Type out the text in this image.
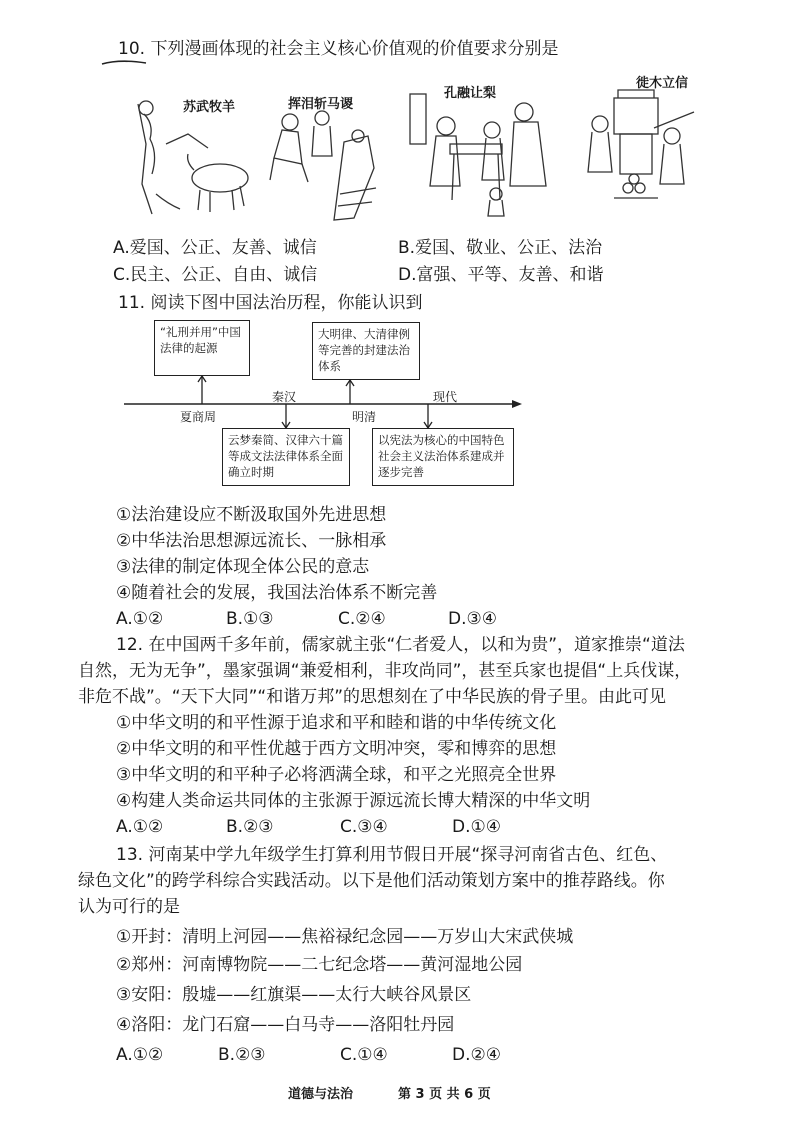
10. 下列漫画体现的社会主义核心价值观的价值要求分别是
苏武牧羊	挥泪斩马谡
孔融让梨
徙木立信
A.爱国、公正、友善、诚信	B.爱国、敬业、公正、法治
C.民主、公正、自由、诚信	D.富强、平等、友善、和谐
11. 阅读下图中国法治历程，你能认识到
“礼刑并用”中国法律的起源
大明律、大清律例等完善的封建法治体系
云梦秦简、汉律六十篇等成文法法律体系全面确立时期
以宪法为核心的中国特色社会主义法治体系建成并逐步完善
夏商周
秦汉
明清
现代
①法治建设应不断汲取国外先进思想
②中华法治思想源远流长、一脉相承
③法律的制定体现全体公民的意志
④随着社会的发展，我国法治体系不断完善
A.①②	B.①③	C.②④	D.③④
12. 在中国两千多年前，儒家就主张“仁者爱人，以和为贵”，道家推崇“道法
自然，无为无争”，墨家强调“兼爱相利，非攻尚同”，甚至兵家也提倡“上兵伐谋，
非危不战”。“天下大同”“和谐万邦”的思想刻在了中华民族的骨子里。由此可见
①中华文明的和平性源于追求和平和睦和谐的中华传统文化
②中华文明的和平性优越于西方文明冲突，零和博弈的思想
③中华文明的和平种子必将洒满全球，和平之光照亮全世界
④构建人类命运共同体的主张源于源远流长博大精深的中华文明
A.①②	B.②③	C.③④	D.①④
13. 河南某中学九年级学生打算利用节假日开展“探寻河南省古色、红色、
绿色文化”的跨学科综合实践活动。以下是他们活动策划方案中的推荐路线。你
认为可行的是
①开封：清明上河园——焦裕禄纪念园——万岁山大宋武侠城
②郑州：河南博物院——二七纪念塔——黄河湿地公园
③安阳：殷墟——红旗渠——太行大峡谷风景区
④洛阳：龙门石窟——白马寺——洛阳牡丹园
A.①②	B.②③	C.①④	D.②④
道德与法治	第 3 页 共 6 页
